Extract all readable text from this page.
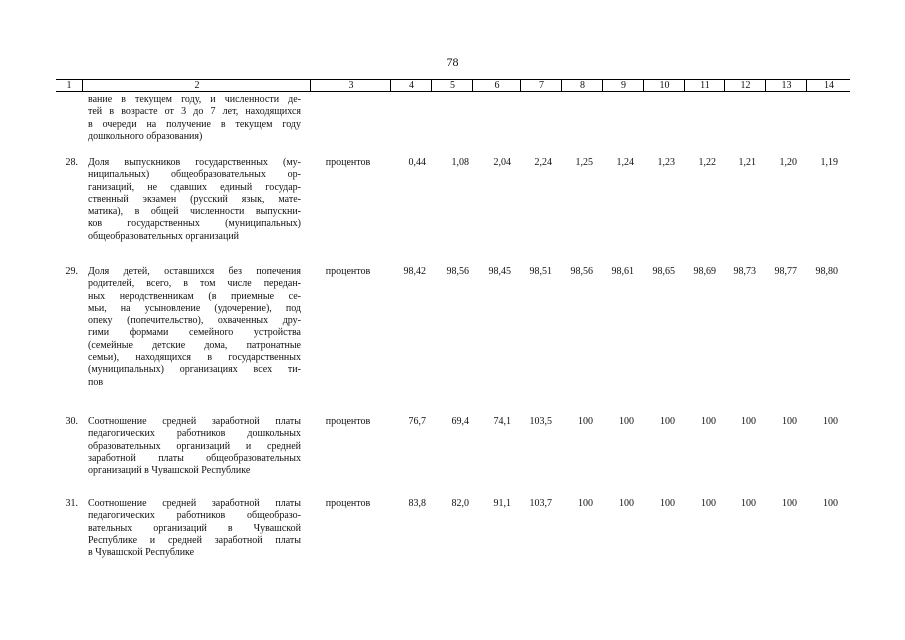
78
1	2	3	4	5	6	7	8	9	10	11	12	13	14
вание в текущем году, и численности де-
тей в возрасте от 3 до 7 лет, находящихся
в очереди на получение в текущем году
дошкольного образования)
28. Доля выпускников государственных (му-
ниципальных) общеобразовательных ор-
ганизаций, не сдавших единый государ-
ственный экзамен (русский язык, мате-
матика), в общей численности выпускни-
ков государственных (муниципальных)
общеобразовательных организаций
процентов	0,44	1,08	2,04	2,24	1,25	1,24	1,23	1,22	1,21	1,20	1,19
29. Доля детей, оставшихся без попечения
родителей, всего, в том числе передан-
ных неродственникам (в приемные се-
мьи, на усыновление (удочерение), под
опеку (попечительство), охваченных дру-
гими формами семейного устройства
(семейные детские дома, патронатные
семьи), находящихся в государственных
(муниципальных) организациях всех ти-
пов
процентов	98,42	98,56	98,45	98,51	98,56	98,61	98,65	98,69	98,73	98,77	98,80
30. Соотношение средней заработной платы
педагогических работников дошкольных
образовательных организаций и средней
заработной платы общеобразовательных
организаций в Чувашской Республике
процентов	76,7	69,4	74,1	103,5	100	100	100	100	100	100	100
31. Соотношение средней заработной платы
педагогических работников общеобразо-
вательных организаций в Чувашской
Республике и средней заработной платы
в Чувашской Республике
процентов	83,8	82,0	91,1	103,7	100	100	100	100	100	100	100
